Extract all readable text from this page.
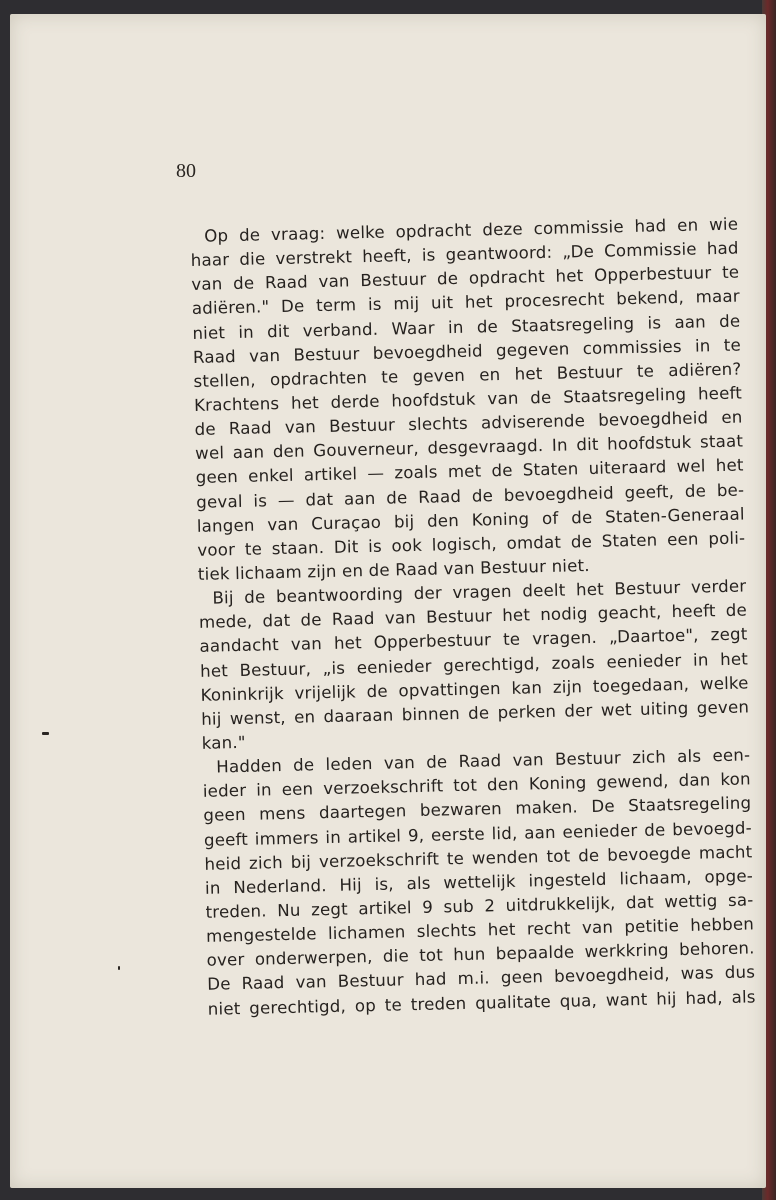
80
Op de vraag: welke opdracht deze commissie had en wie
haar die verstrekt heeft, is geantwoord: „De Commissie had
van de Raad van Bestuur de opdracht het Opperbestuur te
adiëren." De term is mij uit het procesrecht bekend, maar
niet in dit verband. Waar in de Staatsregeling is aan de
Raad van Bestuur bevoegdheid gegeven commissies in te
stellen, opdrachten te geven en het Bestuur te adiëren?
Krachtens het derde hoofdstuk van de Staatsregeling heeft
de Raad van Bestuur slechts adviserende bevoegdheid en
wel aan den Gouverneur, desgevraagd. In dit hoofdstuk staat
geen enkel artikel — zoals met de Staten uiteraard wel het
geval is — dat aan de Raad de bevoegdheid geeft, de be-
langen van Curaçao bij den Koning of de Staten-Generaal
voor te staan. Dit is ook logisch, omdat de Staten een poli-
tiek lichaam zijn en de Raad van Bestuur niet.
Bij de beantwoording der vragen deelt het Bestuur verder
mede, dat de Raad van Bestuur het nodig geacht, heeft de
aandacht van het Opperbestuur te vragen. „Daartoe", zegt
het Bestuur, „is eenieder gerechtigd, zoals eenieder in het
Koninkrijk vrijelijk de opvattingen kan zijn toegedaan, welke
hij wenst, en daaraan binnen de perken der wet uiting geven
kan."
Hadden de leden van de Raad van Bestuur zich als een-
ieder in een verzoekschrift tot den Koning gewend, dan kon
geen mens daartegen bezwaren maken. De Staatsregeling
geeft immers in artikel 9, eerste lid, aan eenieder de bevoegd-
heid zich bij verzoekschrift te wenden tot de bevoegde macht
in Nederland. Hij is, als wettelijk ingesteld lichaam, opge-
treden. Nu zegt artikel 9 sub 2 uitdrukkelijk, dat wettig sa-
mengestelde lichamen slechts het recht van petitie hebben
over onderwerpen, die tot hun bepaalde werkkring behoren.
De Raad van Bestuur had m.i. geen bevoegdheid, was dus
niet gerechtigd, op te treden qualitate qua, want hij had, als
